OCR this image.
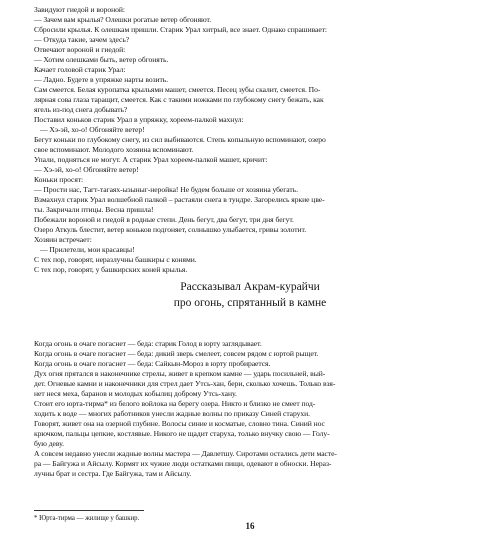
Завидуют гиедой и вороной:
— Зачем вам крылья? Олешки рогатые ветер обгоняют.
Сбросили крылья. К олешкам пришли. Старик Урал хитрый, все знает. Однако спрашивает:
— Откуда такие, зачем здесь?
Отвечают вороной и гиедой:
— Хотим олешками быть, ветер обгонять.
Качает головой старик Урал:
— Ладно. Будете в упряжке нарты возить.
Сам смеется. Белая куропатка крыльями машет, смеется. Песец зубы скалит, смеется. По-
лярная сова глаза таращит, смеется. Как с такими ножками по глубокому снегу бежать, как
ягель из-под снега добывать?
Поставил коньков старик Урал в упряжку, хореем-палкой махнул:
— Хэ-эй, хо-о! Обгоняйте ветер!
Бегут коньки по глубокому снегу, из сил выбиваются. Степь копыльную вспоминают, озеро
свое вспоминают. Молодого хозяина вспоминают.
Упали, подняться не могут. А старик Урал хореем-палкой машет, кричит:
— Хэ-эй, хо-о! Обгоняйте ветер!
Коньки просят:
— Прости нас, Тагт-тагаях-ызыныг-неройка! Не будем больше от хозяина убегать.
Взмахнул старик Урал волшебной палкой – растаяли снега в тундре. Загорелись яркие цве-
ты. Закричали птицы. Весна пришла!
Побежали вороной и гиедой в родные степи. День бегут, два бегут, три дня бегут.
Озеро Аткуль блестит, ветер коньков подгоняет, солнышко улыбается, гривы золотит.
Хозяин встречает:
— Прилетели, мои красавцы!
С тех пор, говорят, неразлучны башкиры с конями.
С тех пор, говорят, у башкирских коней крылья.
Рассказывал Акрам-курайчи
про огонь, спрятанный в камне
Когда огонь в очаге погаснет — беда: старик Голод в юрту заглядывает.
Когда огонь в очаге погаснет — беда: дикий зверь смелеет, совсем рядом с юртой рыщет.
Когда огонь в очаге погаснет — беда: Сайкын-Мороз в юрту пробирается.
Дух огня прятался в наконечнике стрелы, живет в крепком камне — ударь посильней, вый-
дет. Огневые камни и наконечники для стрел дает Утсь-хан, бери, сколько хочешь. Только взя-
нет неся меха, баранов и молодых кобылиц доброму Утсь-хану.
Стоит его юрта-тирма* из белого войлока на берегу озера. Никто и близко не смеет под-
ходить к воде — многих работников унесли жадные волны по приказу Синей старухи.
Говорят, живет она на озерной глубине. Волосы синие и косматые, словно тина. Синий нос
крючком, пальцы цепкие, костлявые. Никого не щадит старуха, только внучку свою — Голу-
бую деву.
А совсем недавно унесли жадные волны мастера — Давлетшу. Сиротами остались дети масте-
ра — Байгужа и Айсылу. Кормят их чужие люди остатками пищи, одевают в обноски. Нераз-
лучны брат и сестра. Где Байгужа, там и Айсылу.
* Юрта-тирма — жилище у башкир.
16
